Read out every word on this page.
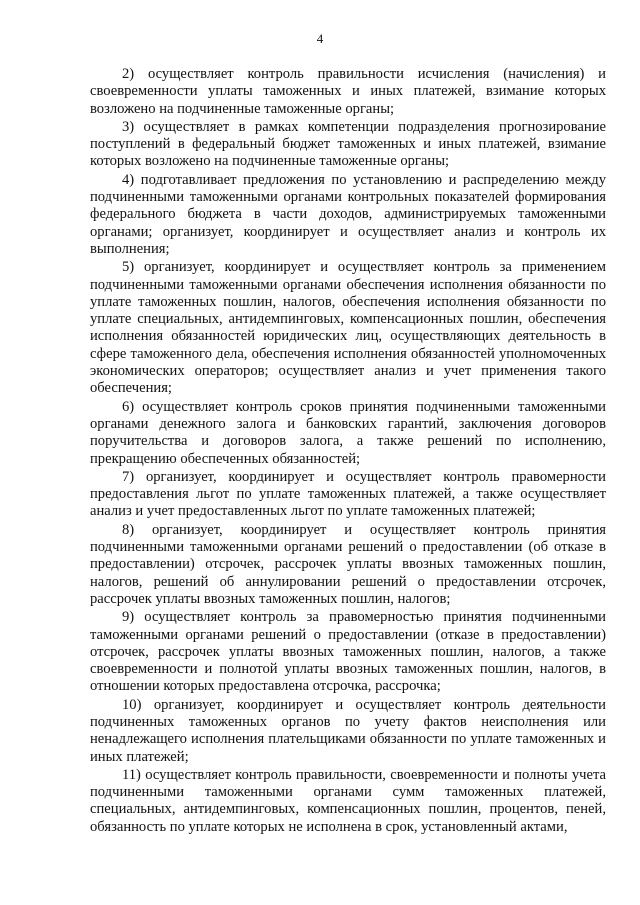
4

2) осуществляет контроль правильности исчисления (начисления) и своевременности уплаты таможенных и иных платежей, взимание которых возложено на подчиненные таможенные органы;

3) осуществляет в рамках компетенции подразделения прогнозирование поступлений в федеральный бюджет таможенных и иных платежей, взимание которых возложено на подчиненные таможенные органы;

4) подготавливает предложения по установлению и распределению между подчиненными таможенными органами контрольных показателей формирования федерального бюджета в части доходов, администрируемых таможенными органами; организует, координирует и осуществляет анализ и контроль их выполнения;

5) организует, координирует и осуществляет контроль за применением подчиненными таможенными органами обеспечения исполнения обязанности по уплате таможенных пошлин, налогов, обеспечения исполнения обязанности по уплате специальных, антидемпинговых, компенсационных пошлин, обеспечения исполнения обязанностей юридических лиц, осуществляющих деятельность в сфере таможенного дела, обеспечения исполнения обязанностей уполномоченных экономических операторов; осуществляет анализ и учет применения такого обеспечения;

6) осуществляет контроль сроков принятия подчиненными таможенными органами денежного залога и банковских гарантий, заключения договоров поручительства и договоров залога, а также решений по исполнению, прекращению обеспеченных обязанностей;

7) организует, координирует и осуществляет контроль правомерности предоставления льгот по уплате таможенных платежей, а также осуществляет анализ и учет предоставленных льгот по уплате таможенных платежей;

8) организует, координирует и осуществляет контроль принятия подчиненными таможенными органами решений о предоставлении (об отказе в предоставлении) отсрочек, рассрочек уплаты ввозных таможенных пошлин, налогов, решений об аннулировании решений о предоставлении отсрочек, рассрочек уплаты ввозных таможенных пошлин, налогов;

9) осуществляет контроль за правомерностью принятия подчиненными таможенными органами решений о предоставлении (отказе в предоставлении) отсрочек, рассрочек уплаты ввозных таможенных пошлин, налогов, а также своевременности и полнотой уплаты ввозных таможенных пошлин, налогов, в отношении которых предоставлена отсрочка, рассрочка;

10) организует, координирует и осуществляет контроль деятельности подчиненных таможенных органов по учету фактов неисполнения или ненадлежащего исполнения плательщиками обязанности по уплате таможенных и иных платежей;

11) осуществляет контроль правильности, своевременности и полноты учета подчиненными таможенными органами сумм таможенных платежей, специальных, антидемпинговых, компенсационных пошлин, процентов, пеней, обязанность по уплате которых не исполнена в срок, установленный актами,
